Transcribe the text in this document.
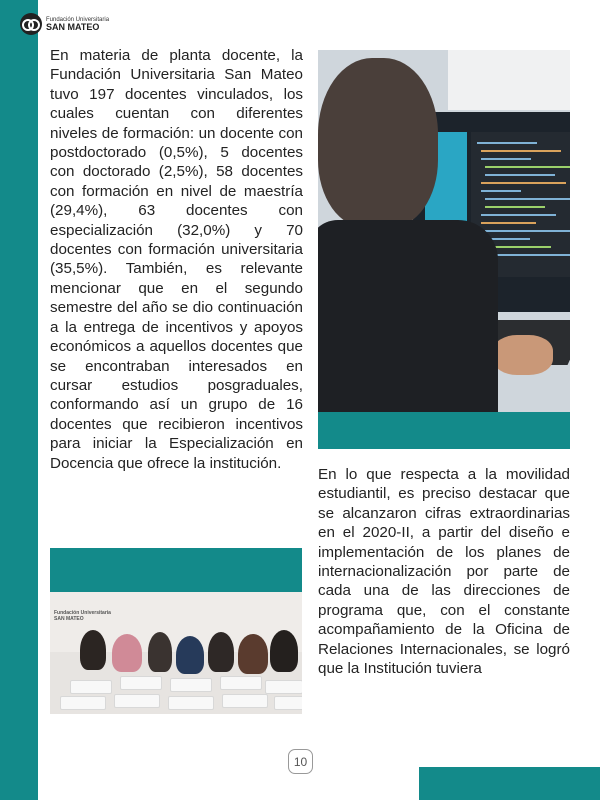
Fundación Universitaria
SAN MATEO

En materia de planta docente, la Fundación Universitaria San Mateo tuvo 197 docentes vinculados, los cuales cuentan con diferentes niveles de formación: un docente con postdoctorado (0,5%), 5 docentes con doctorado (2,5%), 58 docentes con formación en nivel de maestría (29,4%), 63 docentes con especialización (32,0%) y 70 docentes con formación universitaria (35,5%). También, es relevante mencionar que en el segundo semestre del año se dio continuación a la entrega de incentivos y apoyos económicos a aquellos docentes que se encontraban interesados en cursar estudios posgraduales, conformando así un grupo de 16 docentes que recibieron incentivos para iniciar la Especialización en Docencia que ofrece la institución.

En lo que respecta a la movilidad estudiantil, es preciso destacar que se alcanzaron cifras extraordinarias en el 2020-II, a partir del diseño e implementación de los planes de internacionalización por parte de cada una de las direcciones de programa que, con el constante acompañamiento de la Oficina de Relaciones Internacionales, se logró que la Institución tuviera

Fundación Universitaria
SAN MATEO
10
